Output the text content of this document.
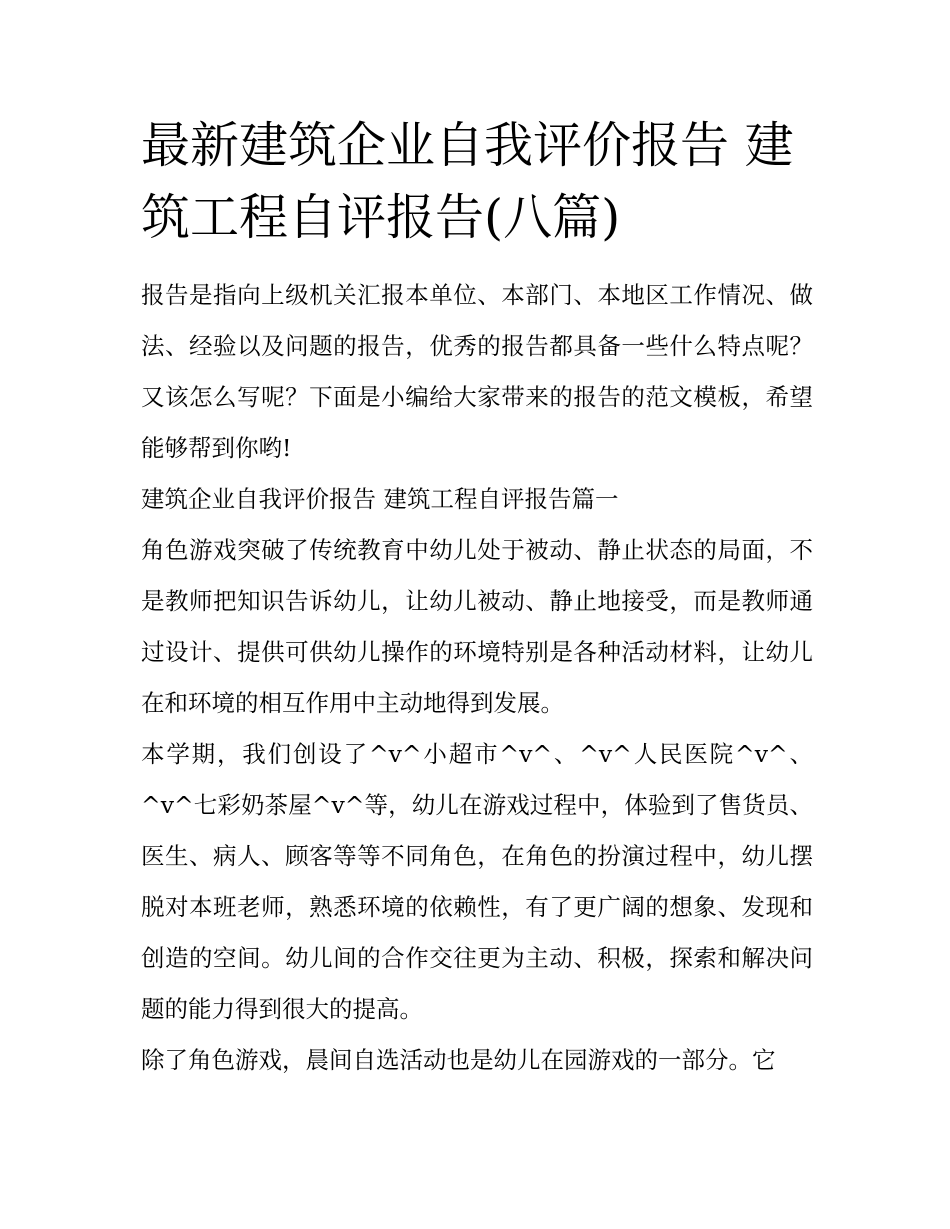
最新建筑企业自我评价报告 建筑工程自评报告(八篇)

报告是指向上级机关汇报本单位、本部门、本地区工作情况、做法、经验以及问题的报告，优秀的报告都具备一些什么特点呢？又该怎么写呢？下面是小编给大家带来的报告的范文模板，希望能够帮到你哟!

建筑企业自我评价报告 建筑工程自评报告篇一

角色游戏突破了传统教育中幼儿处于被动、静止状态的局面，不是教师把知识告诉幼儿，让幼儿被动、静止地接受，而是教师通过设计、提供可供幼儿操作的环境特别是各种活动材料，让幼儿在和环境的相互作用中主动地得到发展。

本学期，我们创设了^v^小超市^v^、^v^人民医院^v^、^v^七彩奶茶屋^v^等，幼儿在游戏过程中，体验到了售货员、医生、病人、顾客等等不同角色，在角色的扮演过程中，幼儿摆脱对本班老师，熟悉环境的依赖性，有了更广阔的想象、发现和创造的空间。幼儿间的合作交往更为主动、积极，探索和解决问题的能力得到很大的提高。

除了角色游戏，晨间自选活动也是幼儿在园游戏的一部分。它
